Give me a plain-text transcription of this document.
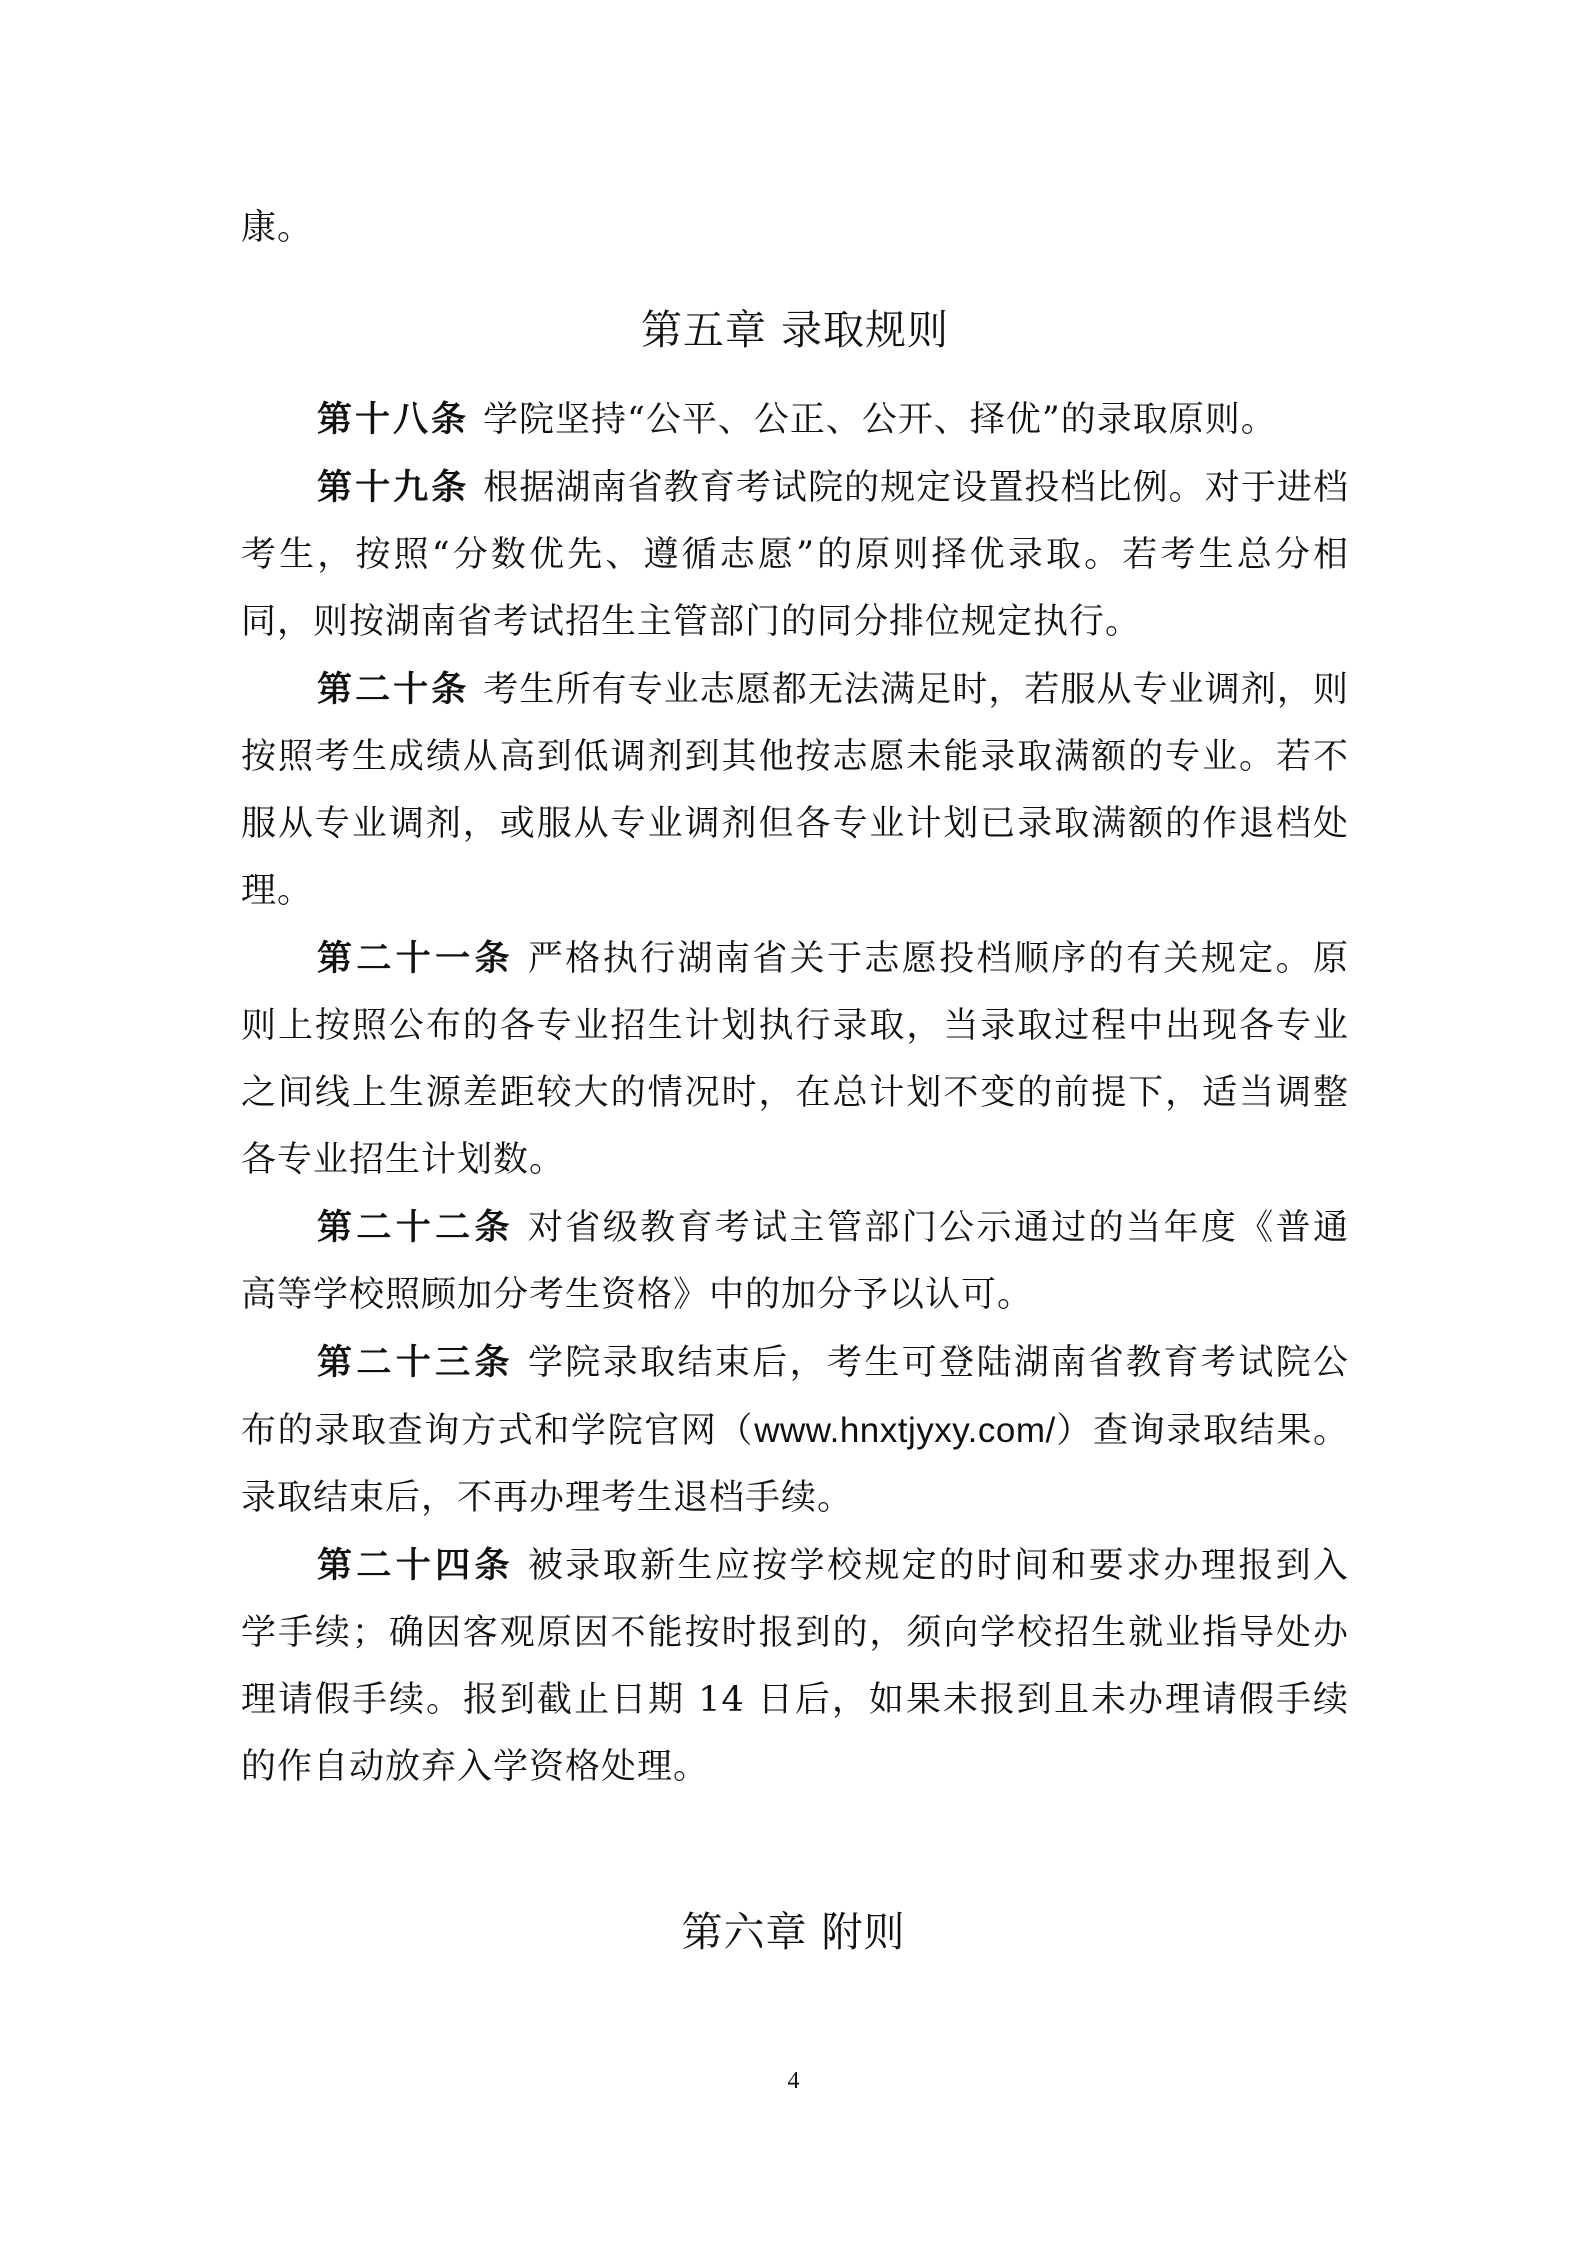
康。

第五章 录取规则

第十八条 学院坚持“公平、公正、公开、择优”的录取原则。

第十九条 根据湖南省教育考试院的规定设置投档比例。对于进档考生，按照“分数优先、遵循志愿”的原则择优录取。若考生总分相同，则按湖南省考试招生主管部门的同分排位规定执行。

第二十条 考生所有专业志愿都无法满足时，若服从专业调剂，则按照考生成绩从高到低调剂到其他按志愿未能录取满额的专业。若不服从专业调剂，或服从专业调剂但各专业计划已录取满额的作退档处理。

第二十一条 严格执行湖南省关于志愿投档顺序的有关规定。原则上按照公布的各专业招生计划执行录取，当录取过程中出现各专业之间线上生源差距较大的情况时，在总计划不变的前提下，适当调整各专业招生计划数。

第二十二条 对省级教育考试主管部门公示通过的当年度《普通高等学校照顾加分考生资格》中的加分予以认可。

第二十三条 学院录取结束后，考生可登陆湖南省教育考试院公布的录取查询方式和学院官网（www.hnxtjyxy.com/）查询录取结果。录取结束后，不再办理考生退档手续。

第二十四条 被录取新生应按学校规定的时间和要求办理报到入学手续；确因客观原因不能按时报到的，须向学校招生就业指导处办理请假手续。报到截止日期 14 日后，如果未报到且未办理请假手续的作自动放弃入学资格处理。

第六章 附则
4
